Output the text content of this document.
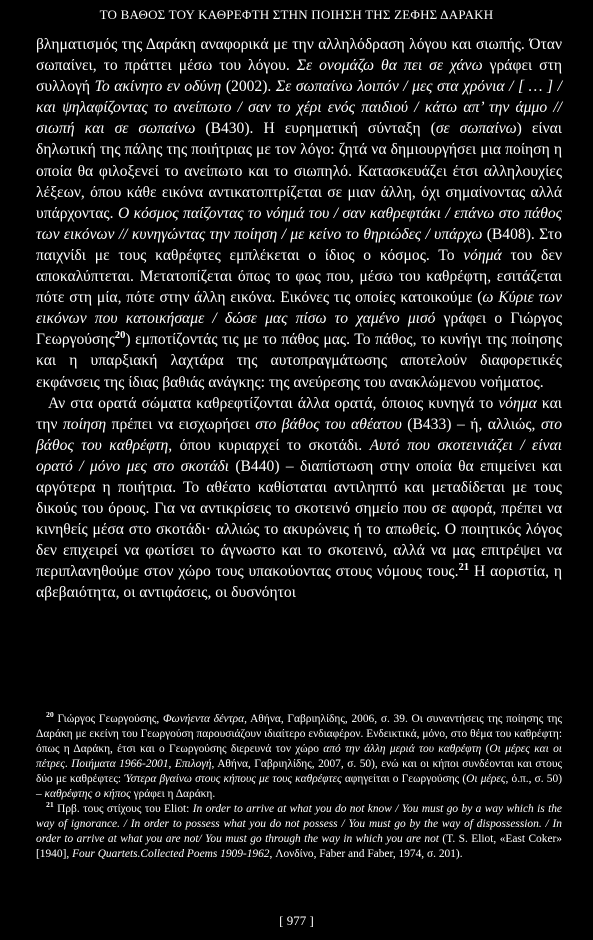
ΤΟ ΒΑΘΟΣ ΤΟΥ ΚΑΘΡΕΦΤΗ ΣΤΗΝ ΠΟΙΗΣΗ ΤΗΣ ΖΕΦΗΣ ΔΑΡΑΚΗ

βληματισμός της Δαράκη αναφορικά με την αλληλόδραση λόγου και σιωπής. Όταν σωπαίνει, το πράττει μέσω του λόγου. Σε ονομάζω θα πει σε χάνω γράφει στη συλλογή Το ακίνητο εν οδύνη (2002). Σε σωπαίνω λοιπόν / μες στα χρόνια / [ … ] / και ψηλαφίζοντας το ανείπωτο / σαν το χέρι ενός παιδιού / κάτω απ’ την άμμο // σιωπή και σε σωπαίνω (Β430). Η ευρηματική σύνταξη (σε σωπαίνω) είναι δηλωτική της πάλης της ποιήτριας με τον λόγο: ζητά να δημιουργήσει μια ποίηση η οποία θα φιλοξενεί το ανείπωτο και το σιωπηλό. Κατασκευάζει έτσι αλληλουχίες λέξεων, όπου κάθε εικόνα αντικατοπτρίζεται σε μιαν άλλη, όχι σημαίνοντας αλλά υπάρχοντας. Ο κόσμος παίζοντας το νόημά του / σαν καθρεφτάκι / επάνω στο πάθος των εικόνων // κυνηγώντας την ποίηση / με κείνο το θηριώδες / υπάρχω (Β408). Στο παιχνίδι με τους καθρέφτες εμπλέκεται ο ίδιος ο κόσμος. Το νόημά του δεν αποκαλύπτεται. Μετατοπίζεται όπως το φως που, μέσω του καθρέφτη, εσιτάζεται πότε στη μία, πότε στην άλλη εικόνα. Εικόνες τις οποίες κατοικούμε (ω Κύριε των εικόνων που κατοικήσαμε / δώσε μας πίσω το χαμένο μισό γράφει ο Γιώργος Γεωργούσης$^{20}$) εμποτίζοντάς τις με το πάθος μας. Το πάθος, το κυνήγι της ποίησης και η υπαρξιακή λαχτάρα της αυτοπραγμάτωσης αποτελούν διαφορετικές εκφάνσεις της ίδιας βαθιάς ανάγκης: της ανεύρεσης του ανακλώμενου νοήματος.

Αν στα ορατά σώματα καθρεφτίζονται άλλα ορατά, όποιος κυνηγά το νόημα και την ποίηση πρέπει να εισχωρήσει στο βάθος του αθέατου (Β433) – ή, αλλιώς, στο βάθος του καθρέφτη, όπου κυριαρχεί το σκοτάδι. Αυτό που σκοτεινιάζει / είναι ορατό / μόνο μες στο σκοτάδι (Β440) – διαπίστωση στην οποία θα επιμείνει και αργότερα η ποιήτρια. Το αθέατο καθίσταται αντιληπτό και μεταδίδεται με τους δικούς του όρους. Για να αντικρίσεις το σκοτεινό σημείο που σε αφορά, πρέπει να κινηθείς μέσα στο σκοτάδι· αλλιώς το ακυρώνεις ή το απωθείς. Ο ποιητικός λόγος δεν επιχειρεί να φωτίσει το άγνωστο και το σκοτεινό, αλλά να μας επιτρέψει να περιπλανηθούμε στον χώρο τους υπακούοντας στους νόμους τους.$^{21}$ Η αοριστία, η αβεβαιότητα, οι αντιφάσεις, οι δυσνόητοι

$^{20}$ Γιώργος Γεωργούσης, Φωνήεντα δέντρα, Αθήνα, Γαβριηλίδης, 2006, σ. 39. Οι συναντήσεις της ποίησης της Δαράκη με εκείνη του Γεωργούση παρουσιάζουν ιδιαίτερο ενδιαφέρον. Ενδεικτικά, μόνο, στο θέμα του καθρέφτη: όπως η Δαράκη, έτσι και ο Γεωργούσης διερευνά τον χώρο από την άλλη μεριά του καθρέφτη (Οι μέρες και οι πέτρες. Ποιήματα 1966-2001, Επιλογή, Αθήνα, Γαβριηλίδης, 2007, σ. 50), ενώ και οι κήποι συνδέονται και στους δύο με καθρέφτες: Ύστερα βγαίνω στους κήπους με τους καθρέφτες αφηγείται ο Γεωργούσης (Οι μέρες, ό.π., σ. 50) – καθρέφτης ο κήπος γράφει η Δαράκη.

$^{21}$ Πρβ. τους στίχους του Eliot: In order to arrive at what you do not know / You must go by a way which is the way of ignorance. / In order to possess what you do not possess / You must go by the way of dispossession. / In order to arrive at what you are not/ You must go through the way in which you are not (T. S. Eliot, «East Coker» [1940], Four Quartets.Collected Poems 1909-1962, Λονδίνο, Faber and Faber, 1974, σ. 201).

[ 977 ]
